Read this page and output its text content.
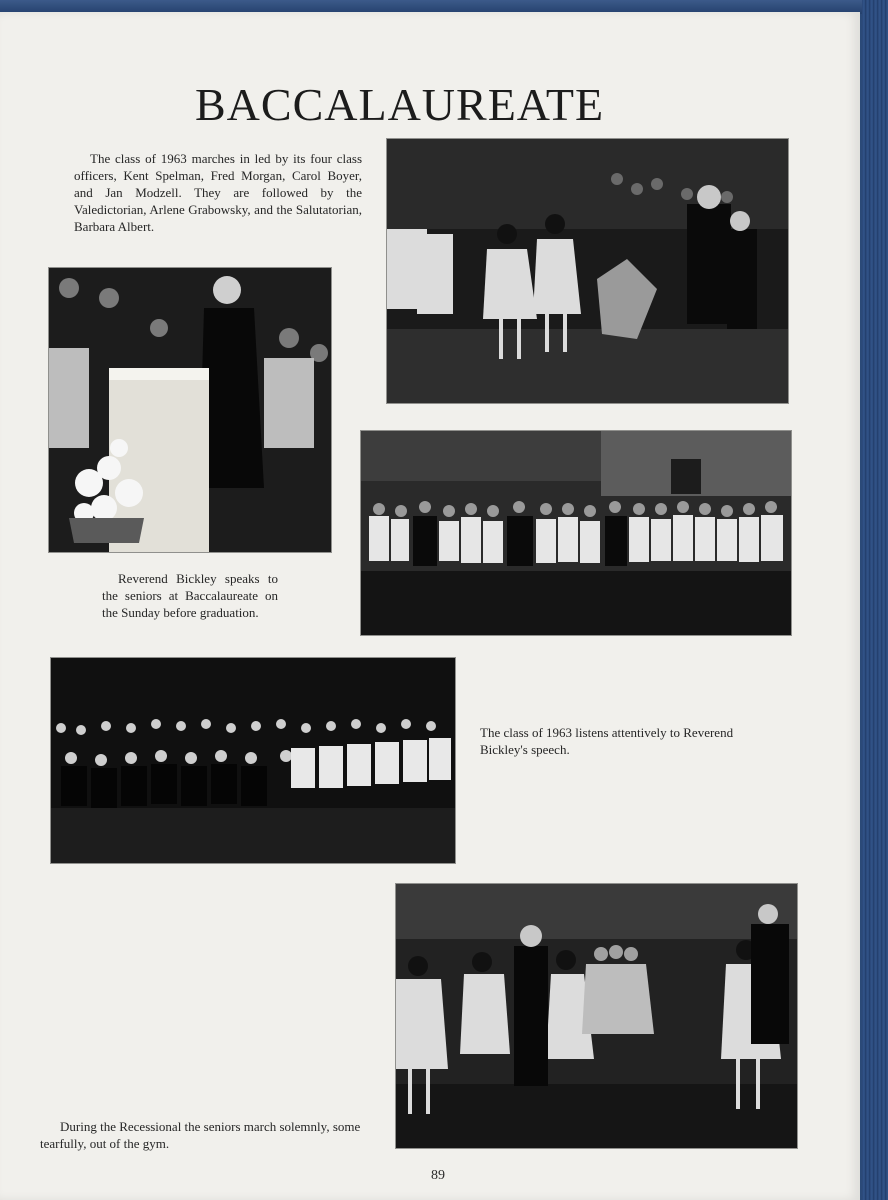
BACCALAUREATE

The class of 1963 marches in led by its four class officers, Kent Spelman, Fred Morgan, Carol Boyer, and Jan Modzell. They are followed by the Valedictorian, Arlene Grabowsky, and the Salutatorian, Barbara Albert.

Reverend Bickley speaks to the seniors at Baccalaureate on the Sunday before graduation.

The class of 1963 listens attentively to Reverend Bickley's speech.

During the Recessional the seniors march solemnly, some tearfully, out of the gym.

89
